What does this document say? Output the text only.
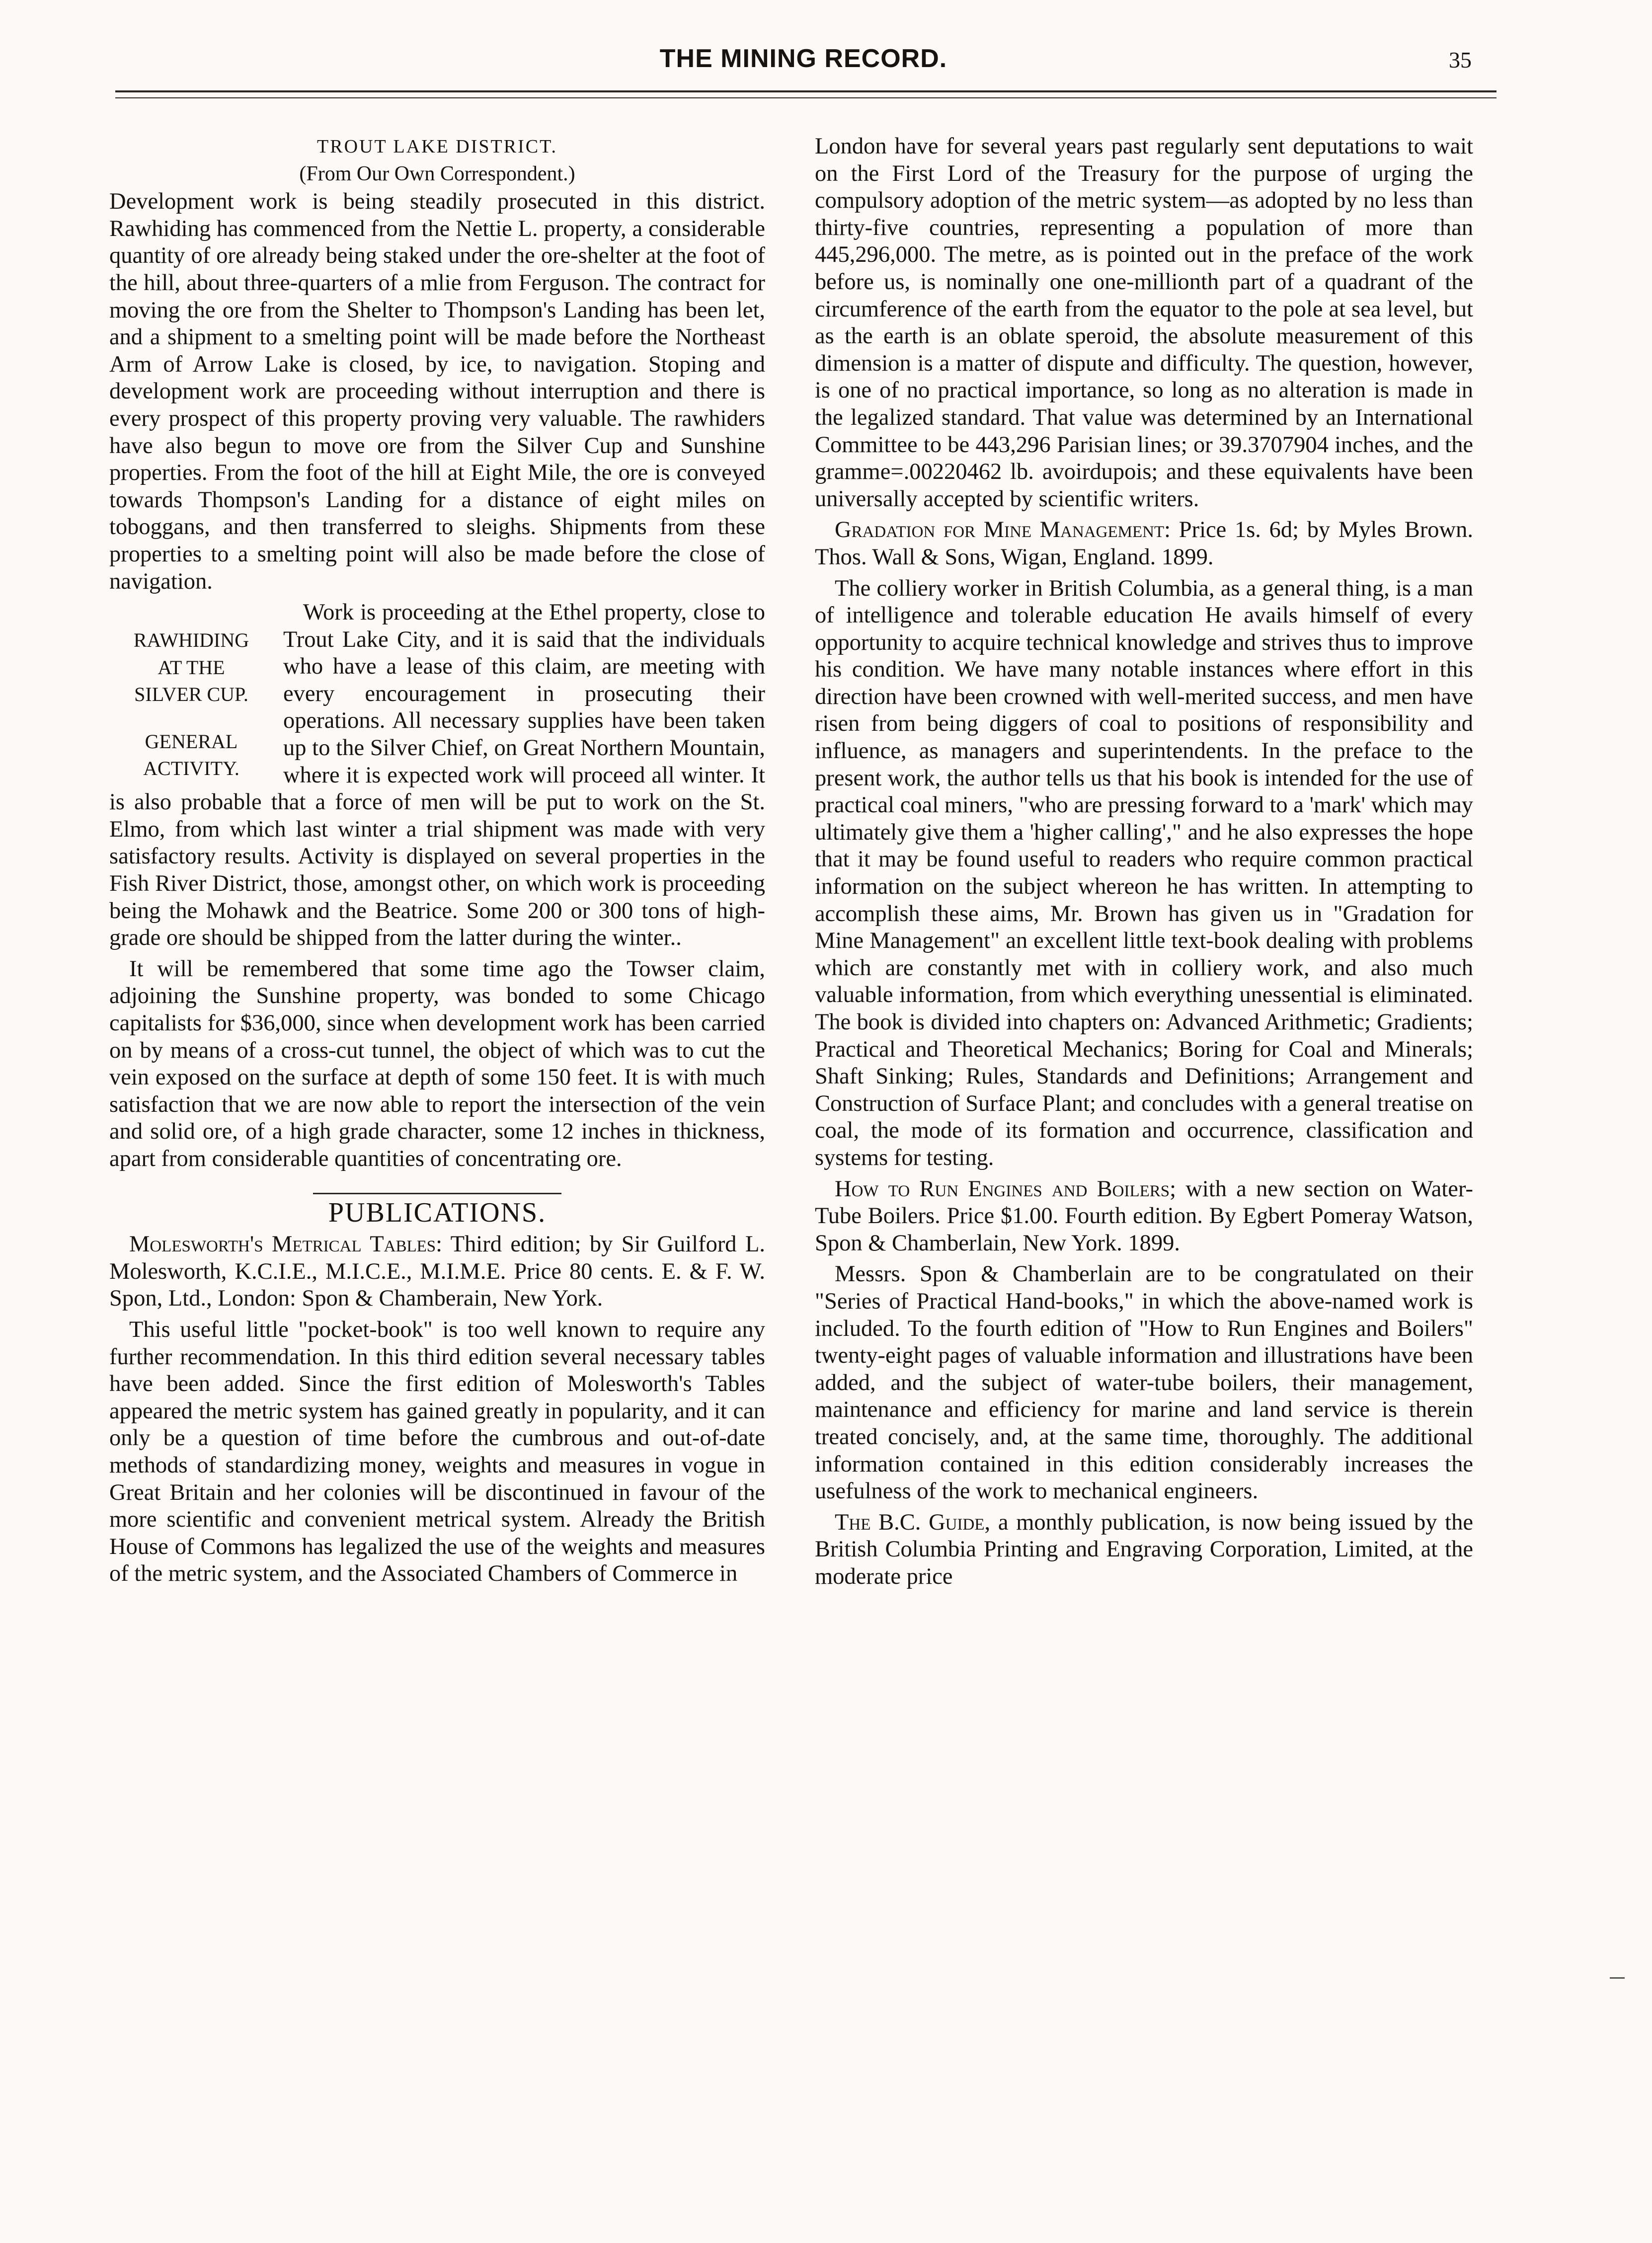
THE MINING RECORD.	35
TROUT LAKE DISTRICT.
(From Our Own Correspondent.)

Development work is being steadily prosecuted in this district. Rawhiding has commenced from the Nettie L. property, a considerable quantity of ore already being staked under the ore-shelter at the foot of the hill, about three-quarters of a mlie from Ferguson. The contract for moving the ore from the Shelter to Thompson's Landing has been let, and a shipment to a smelting point will be made before the Northeast Arm of Arrow Lake is closed, by ice, to navigation. Stoping and development work are proceeding without interruption and there is every prospect of this property proving very valuable. The rawhiders have also begun to move ore from the Silver Cup and Sunshine properties. From the foot of the hill at Eight Mile, the ore is conveyed towards Thompson's Landing for a distance of eight miles on toboggans, and then transferred to sleighs. Shipments from these properties to a smelting point will also be made before the close of navigation.

RAWHIDING
AT THE
SILVER CUP.
GENERAL
ACTIVITY.

Work is proceeding at the Ethel property, close to Trout Lake City, and it is said that the individuals who have a lease of this claim, are meeting with every encouragement in prosecuting their operations. All necessary supplies have been taken up to the Silver Chief, on Great Northern Mountain, where it is expected work will proceed all winter. It is also probable that a force of men will be put to work on the St. Elmo, from which last winter a trial shipment was made with very satisfactory results. Activity is displayed on several properties in the Fish River District, those, amongst other, on which work is proceeding being the Mohawk and the Beatrice. Some 200 or 300 tons of high-grade ore should be shipped from the latter during the winter..

It will be remembered that some time ago the Towser claim, adjoining the Sunshine property, was bonded to some Chicago capitalists for $36,000, since when development work has been carried on by means of a cross-cut tunnel, the object of which was to cut the vein exposed on the surface at depth of some 150 feet. It is with much satisfaction that we are now able to report the intersection of the vein and solid ore, of a high grade character, some 12 inches in thickness, apart from considerable quantities of concentrating ore.

PUBLICATIONS.

Molesworth's Metrical Tables: Third edition; by Sir Guilford L. Molesworth, K.C.I.E., M.I.C.E., M.I.M.E. Price 80 cents. E. & F. W. Spon, Ltd., London: Spon & Chamberain, New York.

This useful little "pocket-book" is too well known to require any further recommendation. In this third edition several necessary tables have been added. Since the first edition of Molesworth's Tables appeared the metric system has gained greatly in popularity, and it can only be a question of time before the cumbrous and out-of-date methods of standardizing money, weights and measures in vogue in Great Britain and her colonies will be discontinued in favour of the more scientific and convenient metrical system. Already the British House of Commons has legalized the use of the weights and measures of the metric system, and the Associated Chambers of Commerce in

London have for several years past regularly sent deputations to wait on the First Lord of the Treasury for the purpose of urging the compulsory adoption of the metric system—as adopted by no less than thirty-five countries, representing a population of more than 445,296,000. The metre, as is pointed out in the preface of the work before us, is nominally one one-millionth part of a quadrant of the circumference of the earth from the equator to the pole at sea level, but as the earth is an oblate speroid, the absolute measurement of this dimension is a matter of dispute and difficulty. The question, however, is one of no practical importance, so long as no alteration is made in the legalized standard. That value was determined by an International Committee to be 443,296 Parisian lines; or 39.3707904 inches, and the gramme=.00220462 lb. avoirdupois; and these equivalents have been universally accepted by scientific writers.

Gradation for Mine Management: Price 1s. 6d; by Myles Brown. Thos. Wall & Sons, Wigan, England. 1899.

The colliery worker in British Columbia, as a general thing, is a man of intelligence and tolerable education He avails himself of every opportunity to acquire technical knowledge and strives thus to improve his condition. We have many notable instances where effort in this direction have been crowned with well-merited success, and men have risen from being diggers of coal to positions of responsibility and influence, as managers and superintendents. In the preface to the present work, the author tells us that his book is intended for the use of practical coal miners, "who are pressing forward to a 'mark' which may ultimately give them a 'higher calling'," and he also expresses the hope that it may be found useful to readers who require common practical information on the subject whereon he has written. In attempting to accomplish these aims, Mr. Brown has given us in "Gradation for Mine Management" an excellent little text-book dealing with problems which are constantly met with in colliery work, and also much valuable information, from which everything unessential is eliminated. The book is divided into chapters on: Advanced Arithmetic; Gradients; Practical and Theoretical Mechanics; Boring for Coal and Minerals; Shaft Sinking; Rules, Standards and Definitions; Arrangement and Construction of Surface Plant; and concludes with a general treatise on coal, the mode of its formation and occurrence, classification and systems for testing.

How to Run Engines and Boilers; with a new section on Water-Tube Boilers. Price $1.00. Fourth edition. By Egbert Pomeray Watson, Spon & Chamberlain, New York. 1899.

Messrs. Spon & Chamberlain are to be congratulated on their "Series of Practical Hand-books," in which the above-named work is included. To the fourth edition of "How to Run Engines and Boilers" twenty-eight pages of valuable information and illustrations have been added, and the subject of water-tube boilers, their management, maintenance and efficiency for marine and land service is therein treated concisely, and, at the same time, thoroughly. The additional information contained in this edition considerably increases the usefulness of the work to mechanical engineers.

The B.C. Guide, a monthly publication, is now being issued by the British Columbia Printing and Engraving Corporation, Limited, at the moderate price
